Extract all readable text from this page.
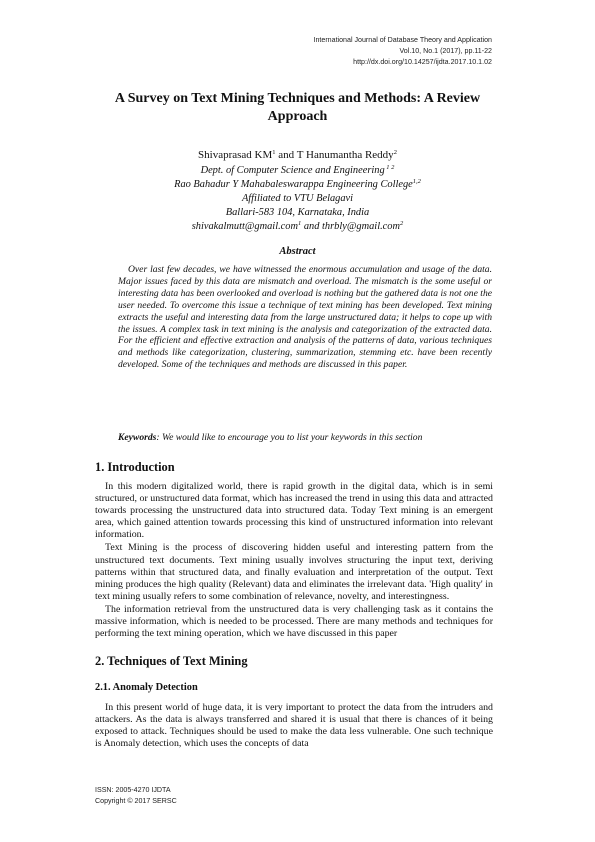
International Journal of Database Theory and Application
Vol.10, No.1 (2017), pp.11-22
http://dx.doi.org/10.14257/ijdta.2017.10.1.02
A Survey on Text Mining Techniques and Methods: A Review
Approach
Shivaprasad $KM^1$ and T Hanumantha Reddy$^2$
Dept. of Computer Science and Engineering $^{1 2}$
Rao Bahadur Y Mahabaleswarappa Engineering College$^{1,2}$
Affiliated to VTU Belagavi
Ballari-583 104, Karnataka, India
shivakalmutt@gmail.com$^1$ and thrbly@gmail.com$^2$
Abstract

Over last few decades, we have witnessed the enormous accumulation and usage of the data. Major issues faced by this data are mismatch and overload. The mismatch is the some useful or interesting data has been overlooked and overload is nothing but the gathered data is not one the user needed. To overcome this issue a technique of text mining has been developed. Text mining extracts the useful and interesting data from the large unstructured data; it helps to cope up with the issues. A complex task in text mining is the analysis and categorization of the extracted data. For the efficient and effective extraction and analysis of the patterns of data, various techniques and methods like categorization, clustering, summarization, stemming etc. have been recently developed. Some of the techniques and methods are discussed in this paper.

Keywords: We would like to encourage you to list your keywords in this section
1. Introduction

In this modern digitalized world, there is rapid growth in the digital data, which is in semi structured, or unstructured data format, which has increased the trend in using this data and attracted towards processing the unstructured data into structured data. Today Text mining is an emergent area, which gained attention towards processing this kind of unstructured information into relevant information.

Text Mining is the process of discovering hidden useful and interesting pattern from the unstructured text documents. Text mining usually involves structuring the input text, deriving patterns within that structured data, and finally evaluation and interpretation of the output. Text mining produces the high quality (Relevant) data and eliminates the irrelevant data. 'High quality' in text mining usually refers to some combination of relevance, novelty, and interestingness.

The information retrieval from the unstructured data is very challenging task as it contains the massive information, which is needed to be processed. There are many methods and techniques for performing the text mining operation, which we have discussed in this paper

2. Techniques of Text Mining
2.1. Anomaly Detection

In this present world of huge data, it is very important to protect the data from the intruders and attackers. As the data is always transferred and shared it is usual that there is chances of it being exposed to attack. Techniques should be used to make the data less vulnerable. One such technique is Anomaly detection, which uses the concepts of data

ISSN: 2005-4270 IJDTA
Copyright © 2017 SERSC
